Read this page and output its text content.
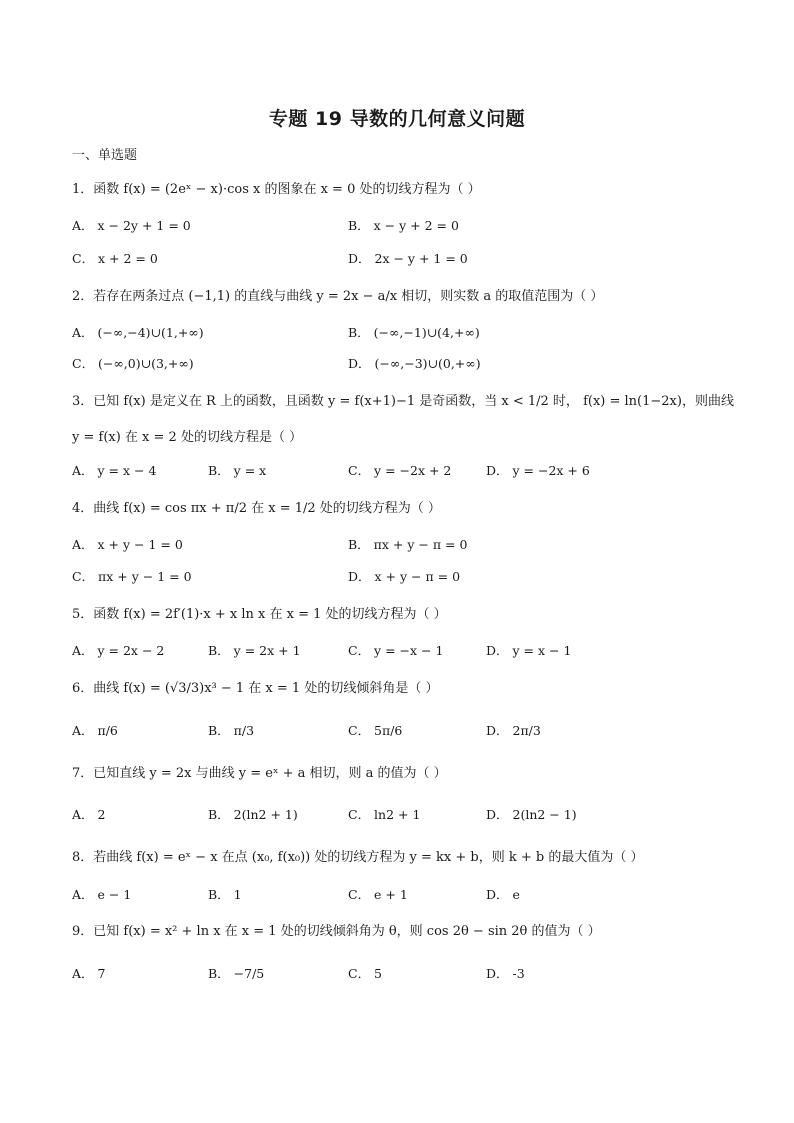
专题 19 导数的几何意义问题
一、单选题
1．函数 f(x) = (2eˣ − x)·cos x 的图象在 x = 0 处的切线方程为（ ）
A． x − 2y + 1 = 0	B． x − y + 2 = 0
C． x + 2 = 0	D． 2x − y + 1 = 0
2．若存在两条过点 (−1,1) 的直线与曲线 y = 2x − a/x 相切，则实数 a 的取值范围为（ ）
A． (−∞,−4)∪(1,+∞)	B． (−∞,−1)∪(4,+∞)
C． (−∞,0)∪(3,+∞)	D． (−∞,−3)∪(0,+∞)
3．已知 f(x) 是定义在 R 上的函数，且函数 y = f(x+1)−1 是奇函数，当 x < 1/2 时， f(x) = ln(1−2x)，则曲线
y = f(x) 在 x = 2 处的切线方程是（ ）
A． y = x − 4	B． y = x	C． y = −2x + 2	D． y = −2x + 6
4．曲线 f(x) = cos πx + π/2 在 x = 1/2 处的切线方程为（ ）
A． x + y − 1 = 0	B． πx + y − π = 0
C． πx + y − 1 = 0	D． x + y − π = 0
5．函数 f(x) = 2f′(1)·x + x ln x 在 x = 1 处的切线方程为（ ）
A． y = 2x − 2	B． y = 2x + 1	C． y = −x − 1	D． y = x − 1
6．曲线 f(x) = (√3/3)x³ − 1 在 x = 1 处的切线倾斜角是（ ）
A． π/6	B． π/3	C． 5π/6	D． 2π/3
7．已知直线 y = 2x 与曲线 y = eˣ + a 相切，则 a 的值为（ ）
A． 2	B． 2(ln2 + 1)	C． ln2 + 1	D． 2(ln2 − 1)
8．若曲线 f(x) = eˣ − x 在点 (x₀, f(x₀)) 处的切线方程为 y = kx + b，则 k + b 的最大值为（ ）
A． e − 1	B． 1	C． e + 1	D． e
9．已知 f(x) = x² + ln x 在 x = 1 处的切线倾斜角为 θ，则 cos 2θ − sin 2θ 的值为（ ）
A． 7	B． −7/5	C． 5	D． -3
